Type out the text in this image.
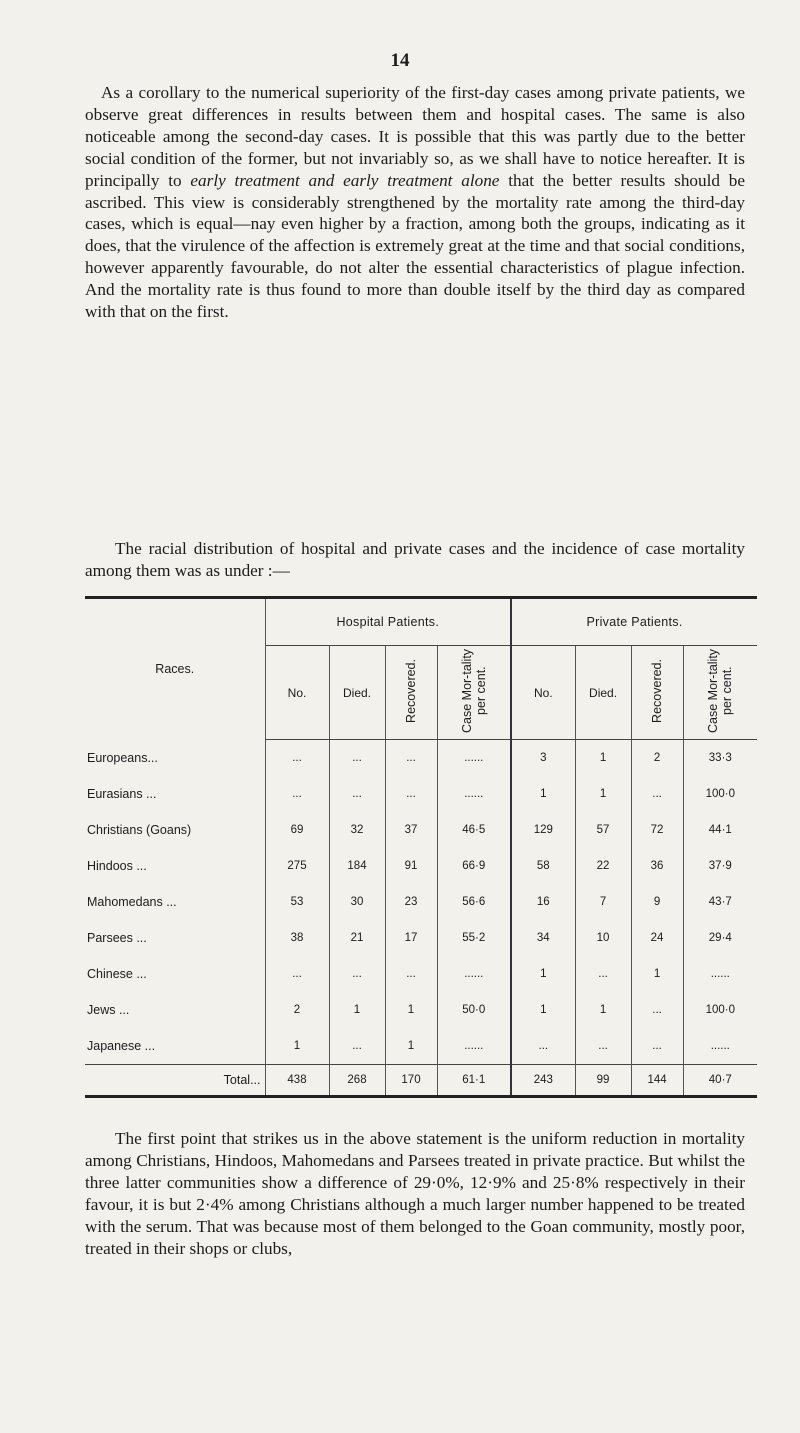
14

As a corollary to the numerical superiority of the first-day cases among private patients, we observe great differences in results between them and hospital cases. The same is also noticeable among the second-day cases. It is possible that this was partly due to the better social condition of the former, but not invariably so, as we shall have to notice hereafter. It is principally to early treatment and early treatment alone that the better results should be ascribed. This view is considerably strengthened by the mortality rate among the third-day cases, which is equal—nay even higher by a fraction, among both the groups, indicating as it does, that the virulence of the affection is extremely great at the time and that social conditions, however apparently favourable, do not alter the essential characteristics of plague infection. And the mortality rate is thus found to more than double itself by the third day as compared with that on the first.

The racial distribution of hospital and private cases and the incidence of case mortality among them was as under :—

Races.	Hospital Patients.				Private Patients.			
	No.	Died.	Recovered.	Case Mor-tality per cent.	No.	Died.	Recovered.	Case Mor-tality per cent.
Europeans...	...	...	...	......	3	1	2	33·3
Eurasians ...	...	...	...	......	1	1	...	100·0
Christians (Goans)	69	32	37	46·5	129	57	72	44·1
Hindoos ...	275	184	91	66·9	58	22	36	37·9
Mahomedans ...	53	30	23	56·6	16	7	9	43·7
Parsees ...	38	21	17	55·2	34	10	24	29·4
Chinese ...	...	...	...	......	1	...	1	......
Jews ...	2	1	1	50·0	1	1	...	100·0
Japanese ...	1	...	1	......	...	...	...	......
Total...	438	268	170	61·1	243	99	144	40·7

The first point that strikes us in the above statement is the uniform reduction in mortality among Christians, Hindoos, Mahomedans and Parsees treated in private practice. But whilst the three latter communities show a difference of 29·0%, 12·9% and 25·8% respectively in their favour, it is but 2·4% among Christians although a much larger number happened to be treated with the serum. That was because most of them belonged to the Goan community, mostly poor, treated in their shops or clubs,
